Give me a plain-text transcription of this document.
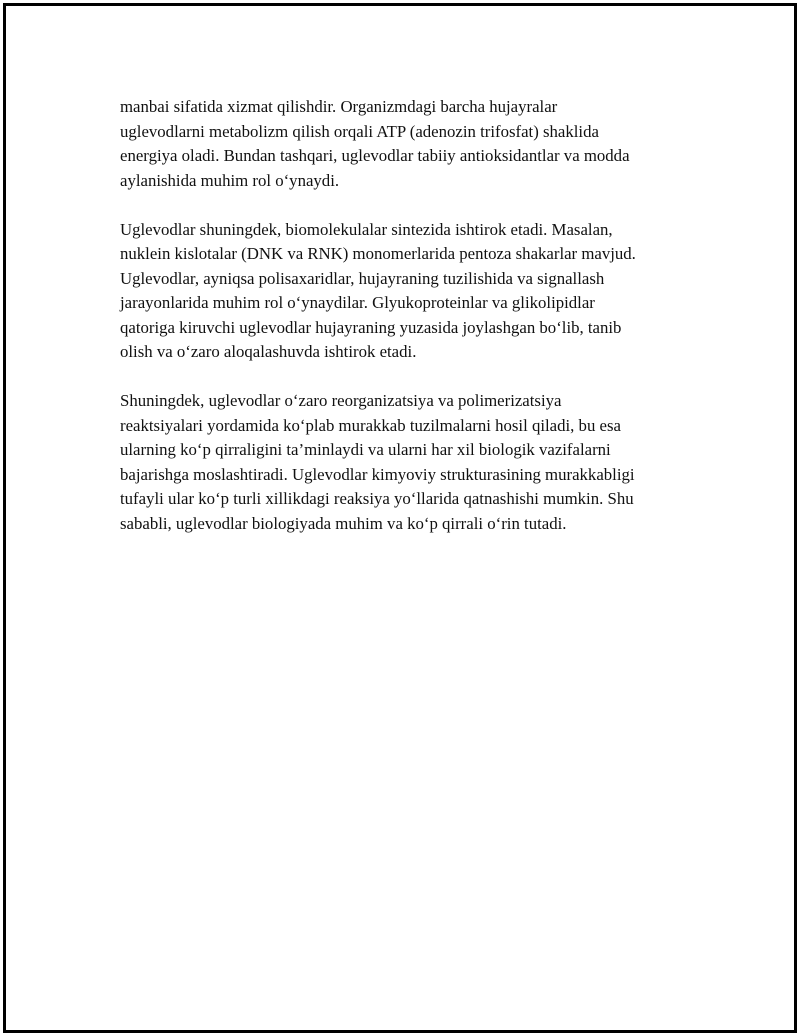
manbai sifatida xizmat qilishdir. Organizmdagi barcha hujayralar
uglevodlarni metabolizm qilish orqali ATP (adenozin trifosfat) shaklida
energiya oladi. Bundan tashqari, uglevodlar tabiiy antioksidantlar va modda
aylanishida muhim rol o‘ynaydi.

Uglevodlar shuningdek, biomolekulalar sintezida ishtirok etadi. Masalan,
nuklein kislotalar (DNK va RNK) monomerlarida pentoza shakarlar mavjud.
Uglevodlar, ayniqsa polisaxaridlar, hujayraning tuzilishida va signallash
jarayonlarida muhim rol o‘ynaydilar. Glyukoproteinlar va glikolipidlar
qatoriga kiruvchi uglevodlar hujayraning yuzasida joylashgan bo‘lib, tanib
olish va o‘zaro aloqalashuvda ishtirok etadi.

Shuningdek, uglevodlar o‘zaro reorganizatsiya va polimerizatsiya
reaktsiyalari yordamida ko‘plab murakkab tuzilmalarni hosil qiladi, bu esa
ularning ko‘p qirraligini ta’minlaydi va ularni har xil biologik vazifalarni
bajarishga moslashtiradi. Uglevodlar kimyoviy strukturasining murakkabligi
tufayli ular ko‘p turli xillikdagi reaksiya yo‘llarida qatnashishi mumkin. Shu
sababli, uglevodlar biologiyada muhim va ko‘p qirrali o‘rin tutadi.
